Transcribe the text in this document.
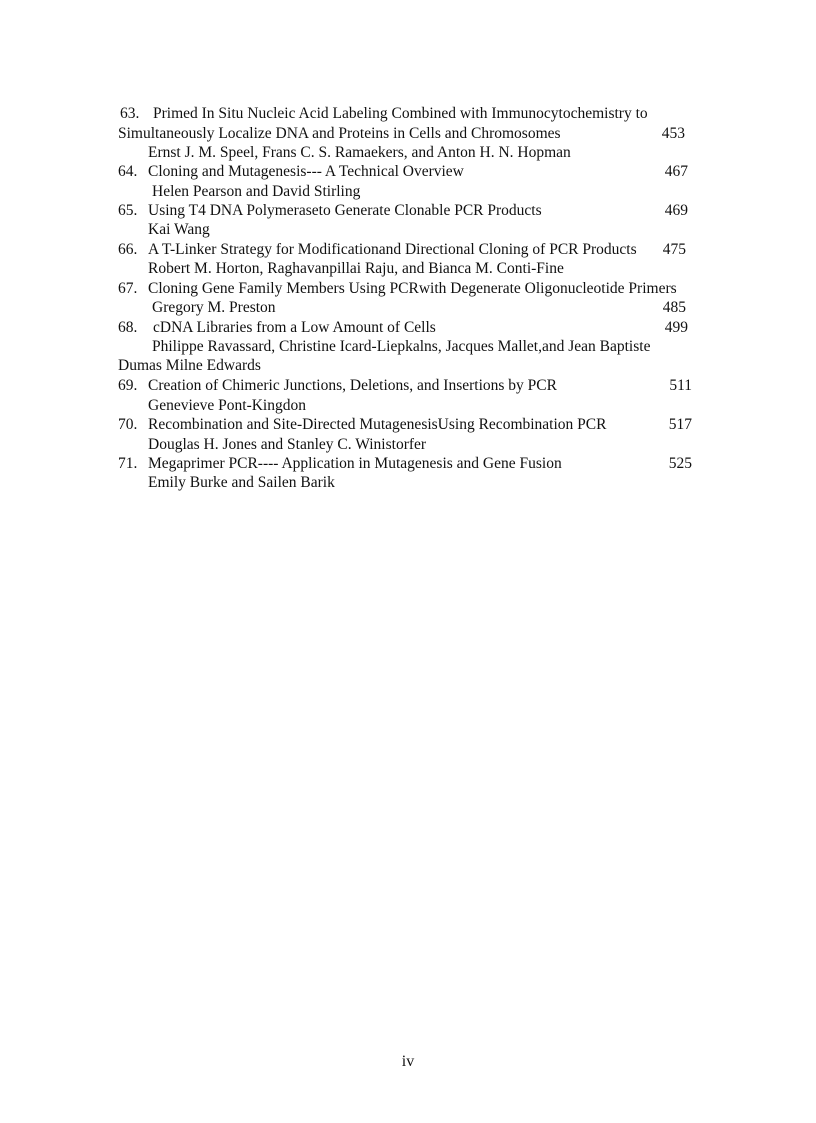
63. Primed In Situ Nucleic Acid Labeling Combined with Immunocytochemistry to
Simultaneously Localize DNA and Proteins in Cells and Chromosomes	453
Ernst J. M. Speel, Frans C. S. Ramaekers, and Anton H. N. Hopman
64. Cloning and Mutagenesis--- A Technical Overview	467
Helen Pearson and David Stirling
65. Using T4 DNA Polymeraseto Generate Clonable PCR Products	469
Kai Wang
66. A T-Linker Strategy for Modificationand Directional Cloning of PCR Products 475
Robert M. Horton, Raghavanpillai Raju, and Bianca M. Conti-Fine
67. Cloning Gene Family Members Using PCRwith Degenerate Oligonucleotide Primers
Gregory M. Preston	485
68. cDNA Libraries from a Low Amount of Cells	499
Philippe Ravassard, Christine Icard-Liepkalns, Jacques Mallet,and Jean Baptiste
Dumas Milne Edwards
69. Creation of Chimeric Junctions, Deletions, and Insertions by PCR	511
Genevieve Pont-Kingdon
70. Recombination and Site-Directed MutagenesisUsing Recombination PCR	517
Douglas H. Jones and Stanley C. Winistorfer
71. Megaprimer PCR---- Application in Mutagenesis and Gene Fusion	525
Emily Burke and Sailen Barik
iv
